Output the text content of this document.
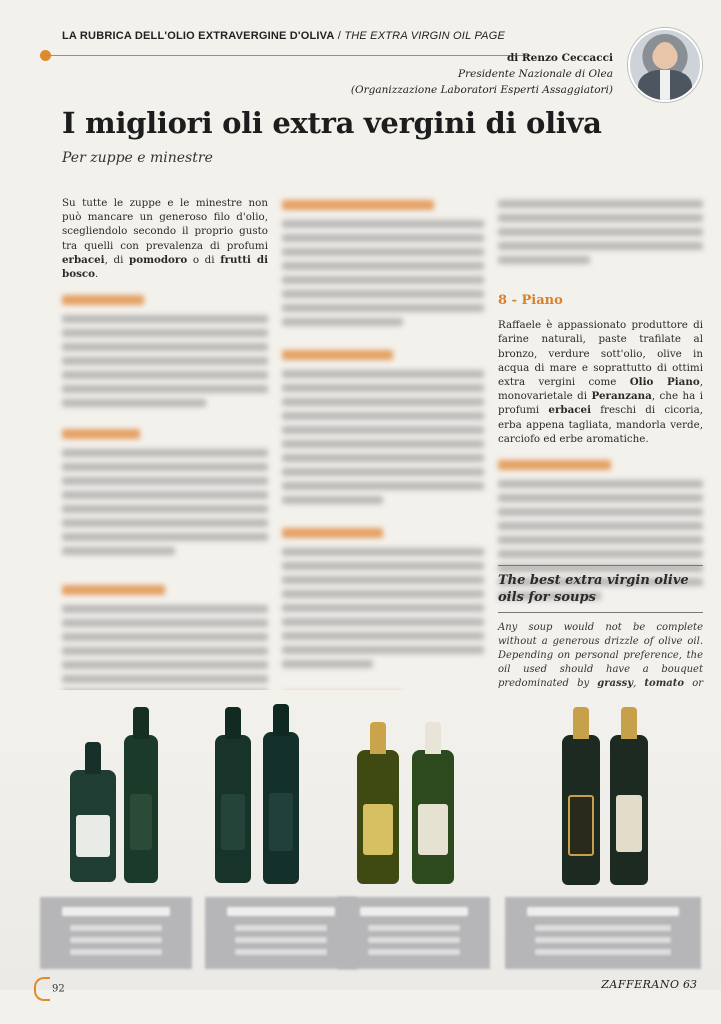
LA RUBRICA DELL'OLIO EXTRAVERGINE D'OLIVA / THE EXTRA VIRGIN OIL PAGE
di Renzo Ceccacci
Presidente Nazionale di Olea
(Organizzazione Laboratori Esperti Assaggiatori)
I migliori oli extra vergini di oliva
Per zuppe e minestre

Su tutte le zuppe e le minestre non può mancare un generoso filo d'olio, scegliendolo secondo il proprio gusto tra quelli con prevalenza di profumi erbacei, di pomodoro o di frutti di bosco.

8 - Piano

Raffaele è appassionato produttore di farine naturali, paste trafilate al bronzo, verdure sott'olio, olive in acqua di mare e soprattutto di ottimi extra vergini come Olio Piano, monovarietale di Peranzana, che ha i profumi erbacei freschi di cicoria, erba appena tagliata, mandorla verde, carciofo ed erbe aromatiche.

The best extra virgin olive oils for soups
Any soup would not be complete without a generous drizzle of olive oil. Depending on personal preference, the oil used should have a bouquet predominated by grassy, tomato or
92	ZAFFERANO 63
